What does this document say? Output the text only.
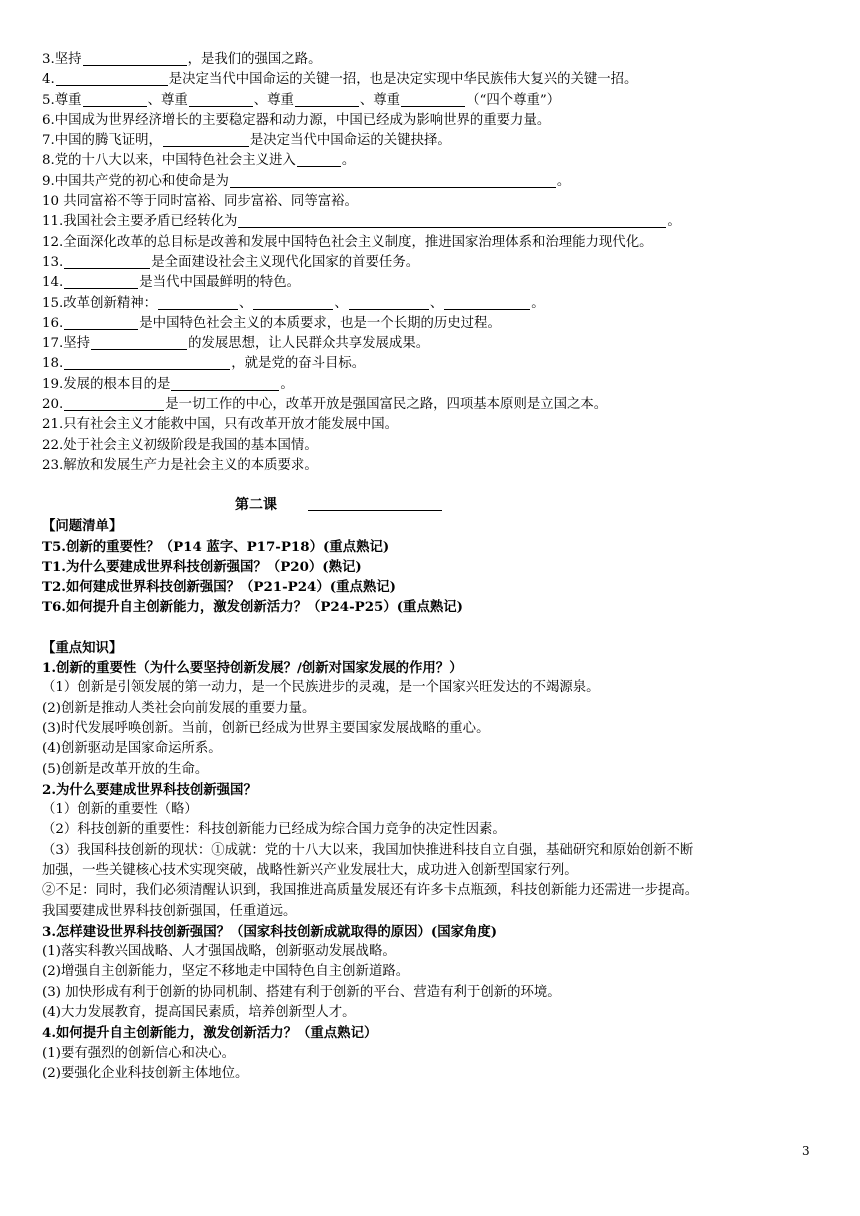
3.坚持	，是我们的强国之路。
4.	是决定当代中国命运的关键一招，也是决定实现中华民族伟大复兴的关键一招。
5.尊重	、尊重	、尊重	、尊重	（“四个尊重”）
6.中国成为世界经济增长的主要稳定器和动力源，中国已经成为影响世界的重要力量。
7.中国的腾飞证明，	是决定当代中国命运的关键抉择。
8.党的十八大以来，中国特色社会主义进入	。
9.中国共产党的初心和使命是为	。
10 共同富裕不等于同时富裕、同步富裕、同等富裕。
11.我国社会主要矛盾已经转化为	。
12.全面深化改革的总目标是改善和发展中国特色社会主义制度，推进国家治理体系和治理能力现代化。
13.	是全面建设社会主义现代化国家的首要任务。
14.	是当代中国最鲜明的特色。
15.改革创新精神：	、	、	、	。
16.	是中国特色社会主义的本质要求，也是一个长期的历史过程。
17.坚持	的发展思想，让人民群众共享发展成果。
18.	，就是党的奋斗目标。
19.发展的根本目的是	。
20.	是一切工作的中心，改革开放是强国富民之路，四项基本原则是立国之本。
21.只有社会主义才能救中国，只有改革开放才能发展中国。
22.处于社会主义初级阶段是我国的基本国情。
23.解放和发展生产力是社会主义的本质要求。
第二课
【问题清单】
T5.创新的重要性？（P14 蓝字、P17-P18）(重点熟记)
T1.为什么要建成世界科技创新强国？（P20）(熟记)
T2.如何建成世界科技创新强国？（P21-P24）(重点熟记)
T6.如何提升自主创新能力，激发创新活力？（P24-P25）(重点熟记)
【重点知识】
1.创新的重要性（为什么要坚持创新发展？/创新对国家发展的作用？）
（1）创新是引领发展的第一动力，是一个民族进步的灵魂，是一个国家兴旺发达的不竭源泉。
(2)创新是推动人类社会向前发展的重要力量。
(3)时代发展呼唤创新。当前，创新已经成为世界主要国家发展战略的重心。
(4)创新驱动是国家命运所系。
(5)创新是改革开放的生命。
2.为什么要建成世界科技创新强国？
（1）创新的重要性（略）
（2）科技创新的重要性：科技创新能力已经成为综合国力竞争的决定性因素。
（3）我国科技创新的现状：①成就：党的十八大以来，我国加快推进科技自立自强，基础研究和原始创新不断
加强，一些关键核心技术实现突破，战略性新兴产业发展壮大，成功进入创新型国家行列。
②不足：同时，我们必须清醒认识到，我国推进高质量发展还有许多卡点瓶颈，科技创新能力还需进一步提高。
我国要建成世界科技创新强国，任重道远。
3.怎样建设世界科技创新强国？（国家科技创新成就取得的原因）(国家角度)
(1)落实科教兴国战略、人才强国战略，创新驱动发展战略。
(2)增强自主创新能力，坚定不移地走中国特色自主创新道路。
(3) 加快形成有利于创新的协同机制、搭建有利于创新的平台、营造有利于创新的环境。
(4)大力发展教育，提高国民素质，培养创新型人才。
4.如何提升自主创新能力，激发创新活力？（重点熟记）
(1)要有强烈的创新信心和决心。
(2)要强化企业科技创新主体地位。
3
